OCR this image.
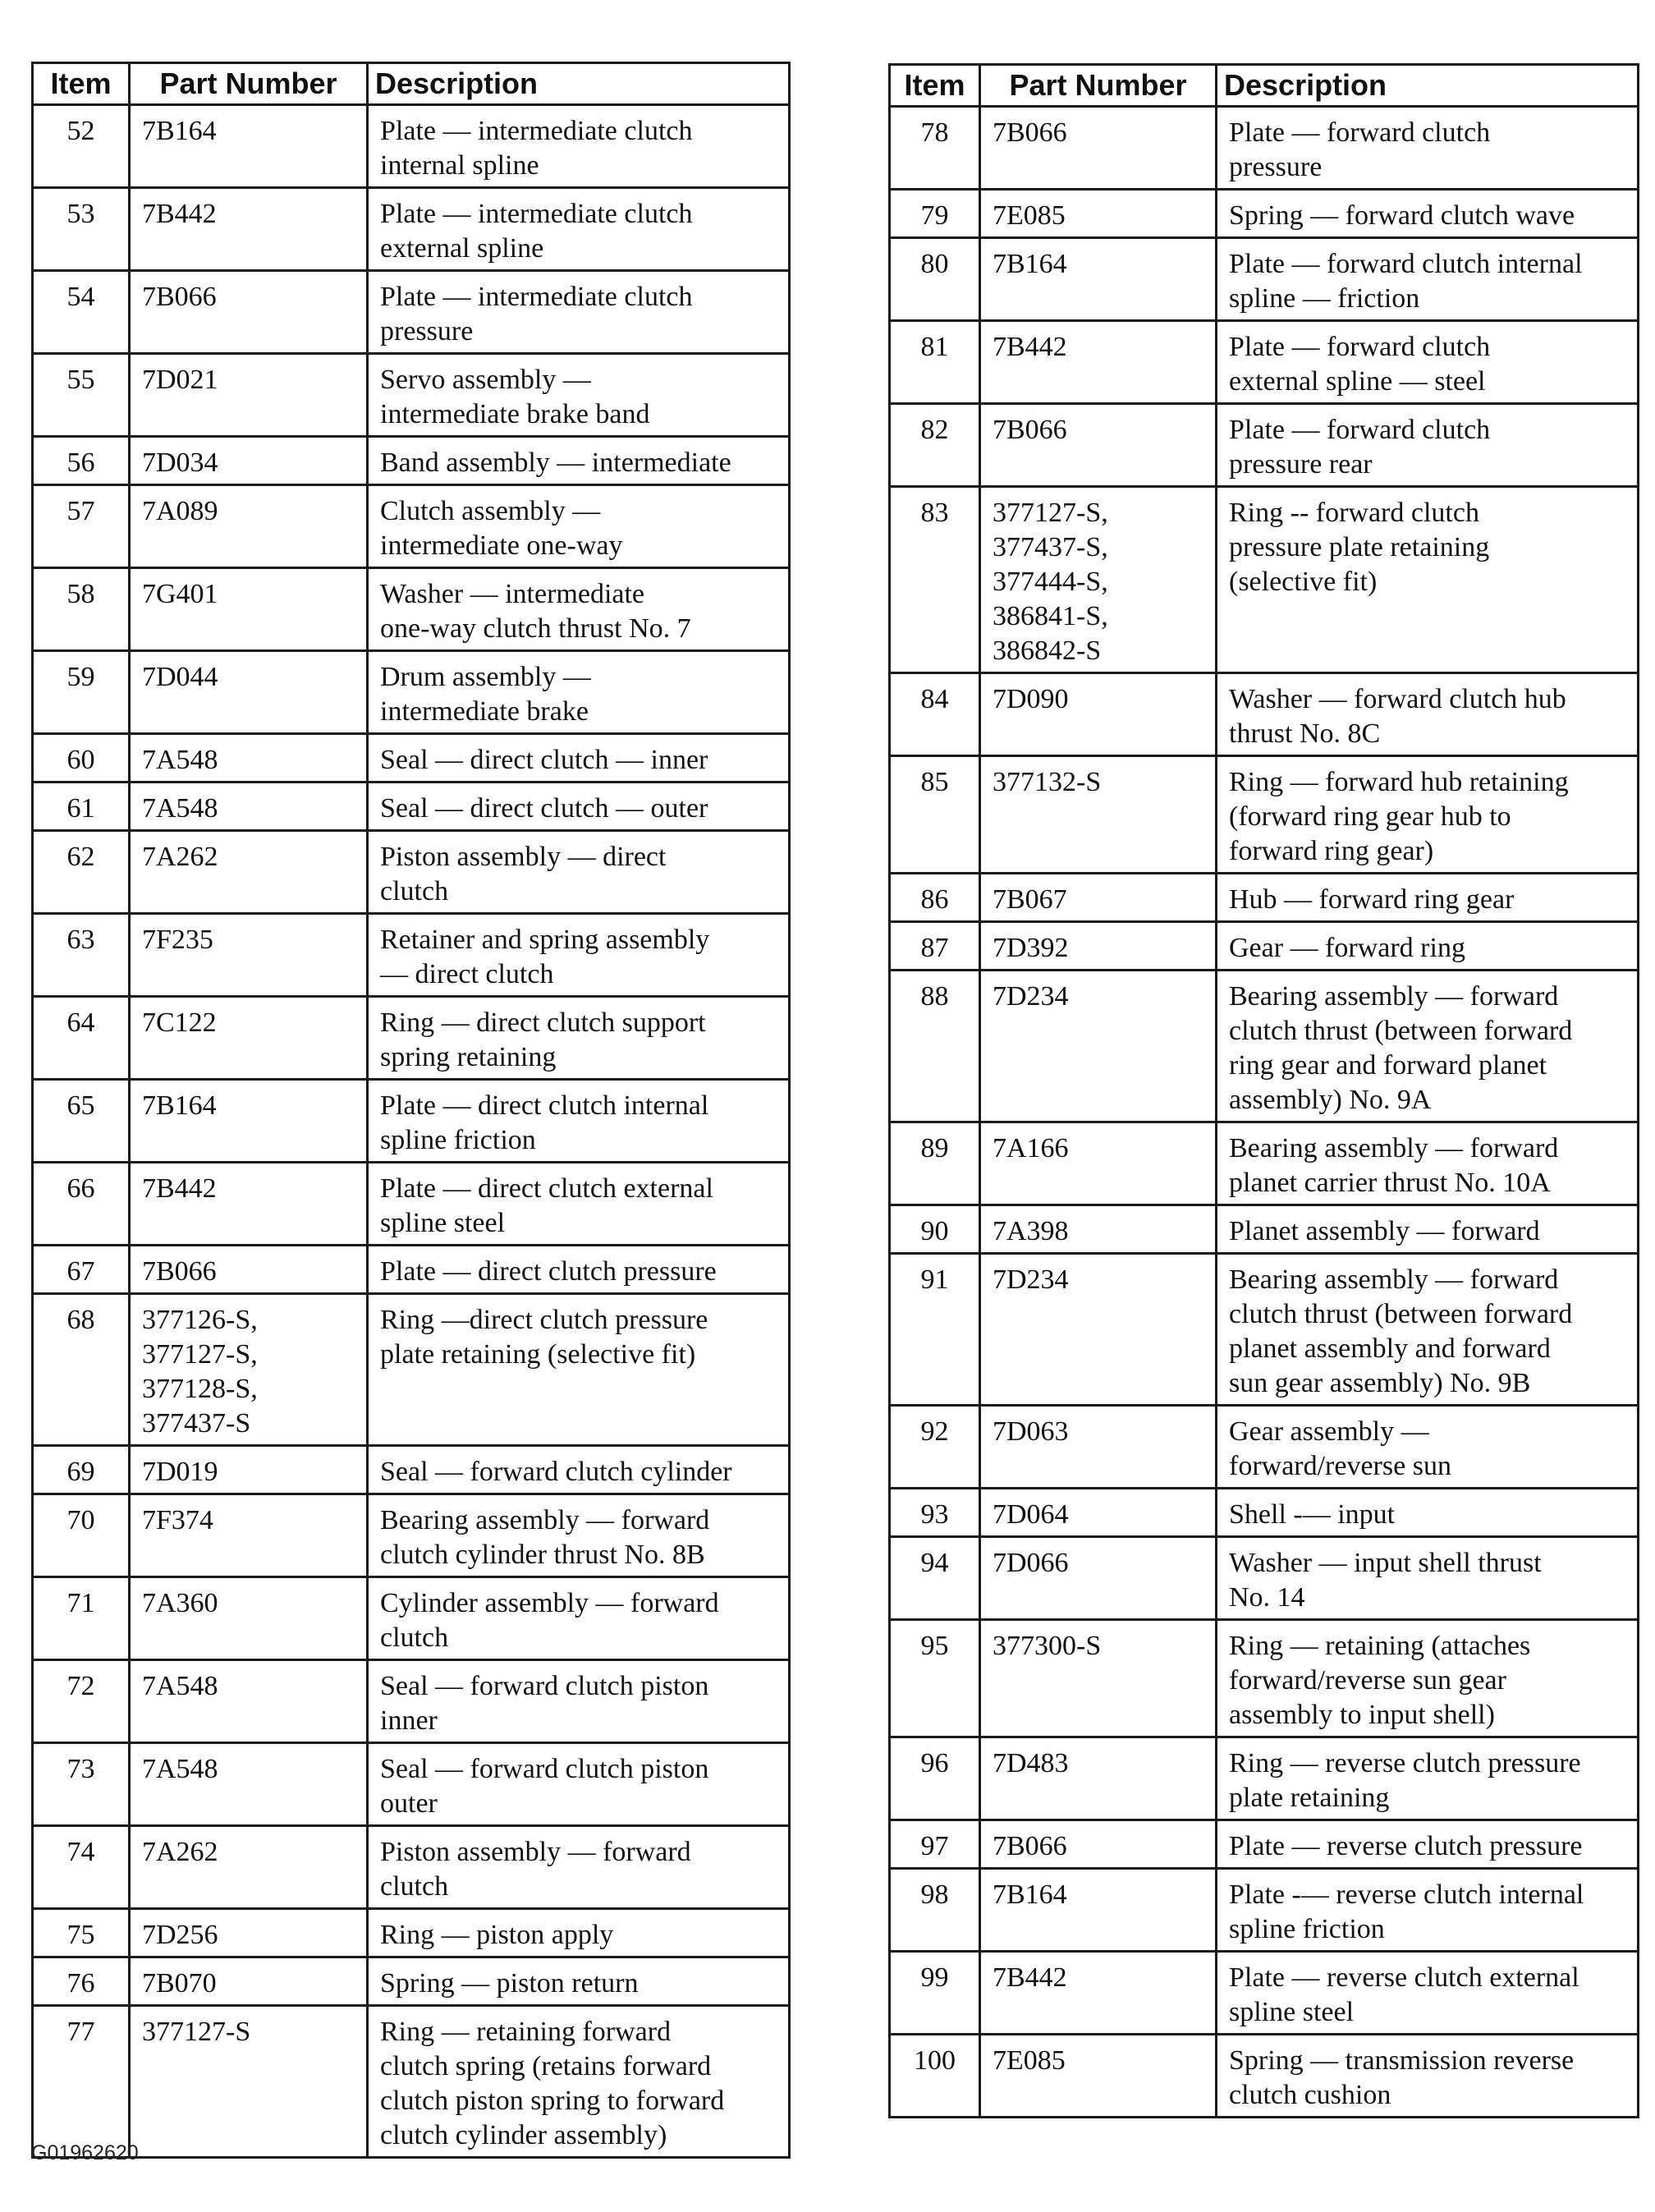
Item	Part Number	Description
52	7B164	Plate — intermediate clutch
internal spline
53	7B442	Plate — intermediate clutch
external spline
54	7B066	Plate — intermediate clutch
pressure
55	7D021	Servo assembly —
intermediate brake band
56	7D034	Band assembly — intermediate
57	7A089	Clutch assembly —
intermediate one-way
58	7G401	Washer — intermediate
one-way clutch thrust No. 7
59	7D044	Drum assembly —
intermediate brake
60	7A548	Seal — direct clutch — inner
61	7A548	Seal — direct clutch — outer
62	7A262	Piston assembly — direct
clutch
63	7F235	Retainer and spring assembly
— direct clutch
64	7C122	Ring — direct clutch support
spring retaining
65	7B164	Plate — direct clutch internal
spline friction
66	7B442	Plate — direct clutch external
spline steel
67	7B066	Plate — direct clutch pressure
68	377126-S,
377127-S,
377128-S,
377437-S	Ring —direct clutch pressure
plate retaining (selective fit)
69	7D019	Seal — forward clutch cylinder
70	7F374	Bearing assembly — forward
clutch cylinder thrust No. 8B
71	7A360	Cylinder assembly — forward
clutch
72	7A548	Seal — forward clutch piston
inner
73	7A548	Seal — forward clutch piston
outer
74	7A262	Piston assembly — forward
clutch
75	7D256	Ring — piston apply
76	7B070	Spring — piston return
77	377127-S	Ring — retaining forward
clutch spring (retains forward
clutch piston spring to forward
clutch cylinder assembly)
Item	Part Number	Description
78	7B066	Plate — forward clutch
pressure
79	7E085	Spring — forward clutch wave
80	7B164	Plate –– forward clutch internal
spline — friction
81	7B442	Plate –– forward clutch
external spline — steel
82	7B066	Plate — forward clutch
pressure rear
83	377127-S,
377437-S,
377444-S,
386841-S,
386842-S	Ring -- forward clutch
pressure plate retaining
(selective fit)
84	7D090	Washer — forward clutch hub
thrust No. 8C
85	377132-S	Ring — forward hub retaining
(forward ring gear hub to
forward ring gear)
86	7B067	Hub — forward ring gear
87	7D392	Gear — forward ring
88	7D234	Bearing assembly — forward
clutch thrust (between forward
ring gear and forward planet
assembly) No. 9A
89	7A166	Bearing assembly — forward
planet carrier thrust No. 10A
90	7A398	Planet assembly — forward
91	7D234	Bearing assembly — forward
clutch thrust (between forward
planet assembly and forward
sun gear assembly) No. 9B
92	7D063	Gear assembly —
forward/reverse sun
93	7D064	Shell -— input
94	7D066	Washer — input shell thrust
No. 14
95	377300-S	Ring — retaining (attaches
forward/reverse sun gear
assembly to input shell)
96	7D483	Ring — reverse clutch pressure
plate retaining
97	7B066	Plate — reverse clutch pressure
98	7B164	Plate -— reverse clutch internal
spline friction
99	7B442	Plate — reverse clutch external
spline steel
100	7E085	Spring — transmission reverse
clutch cushion
G01962620
